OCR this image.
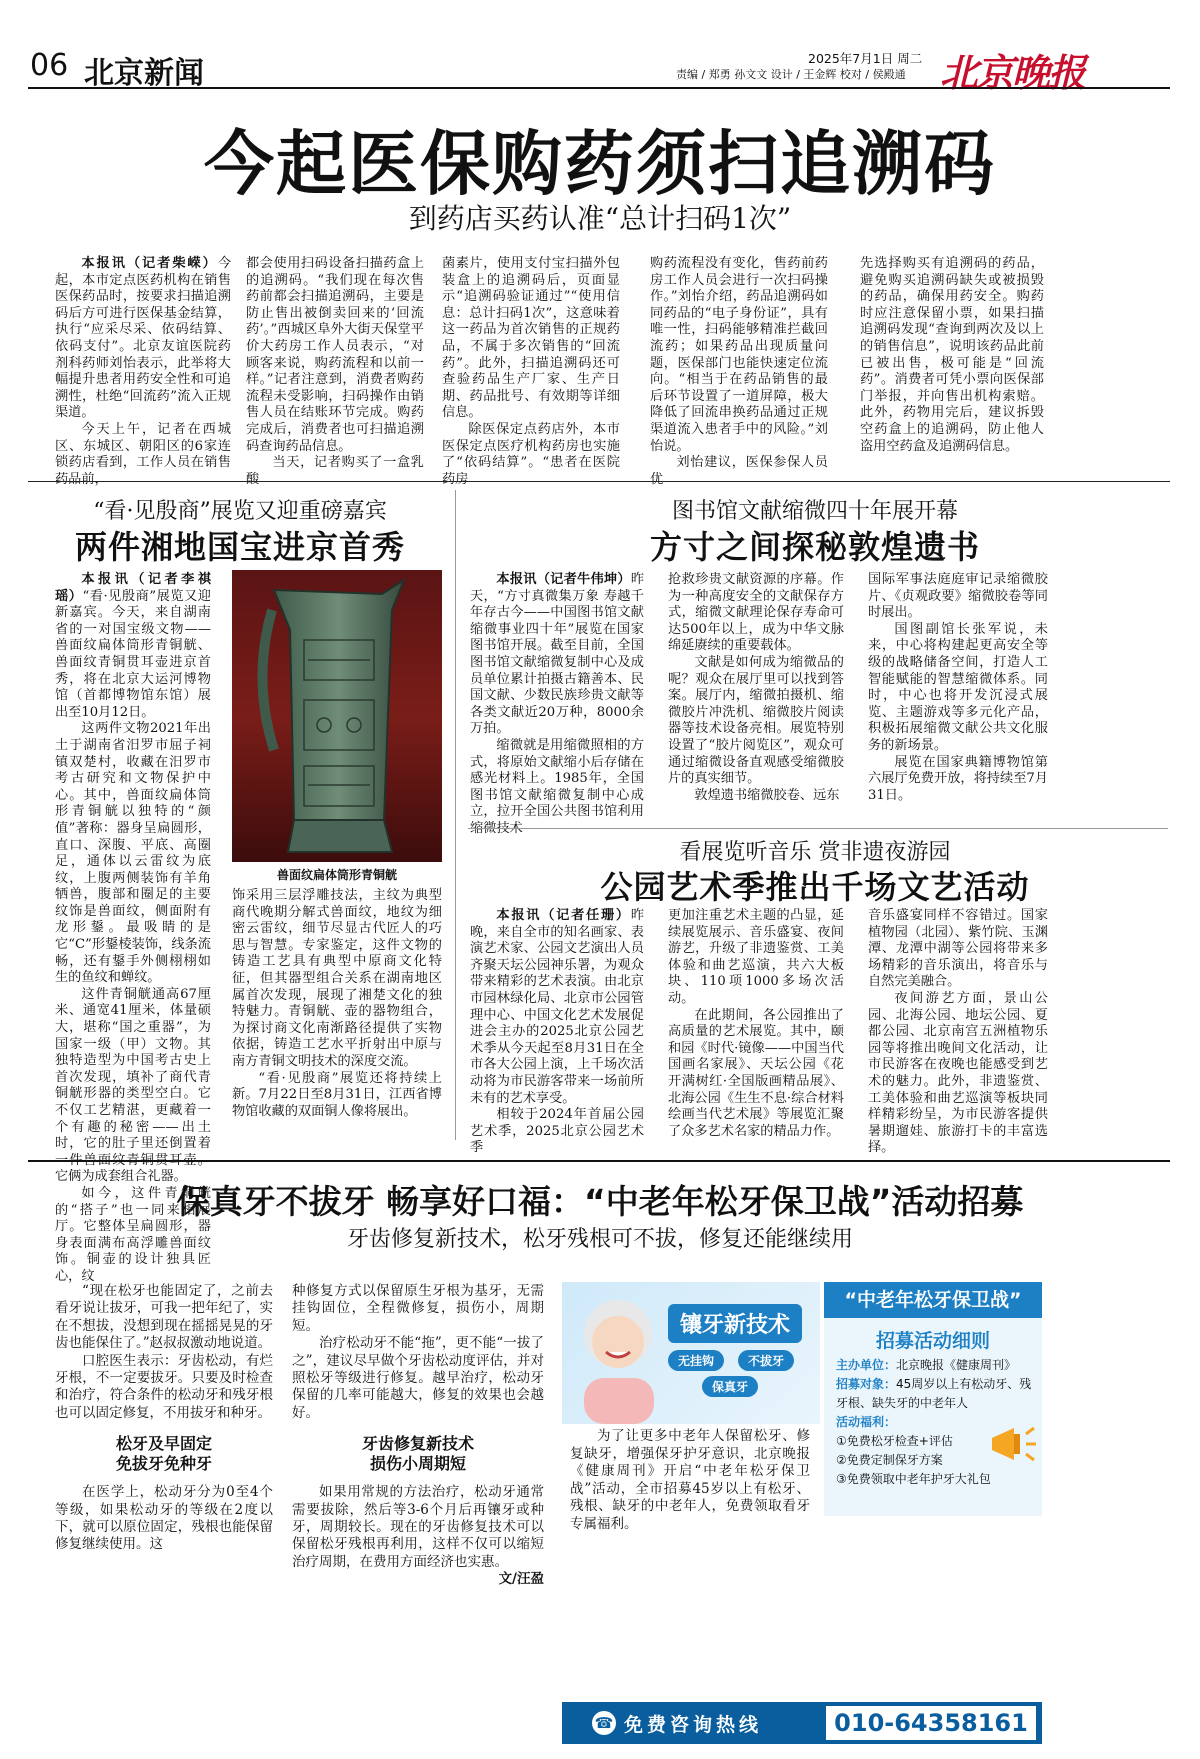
06 北京新闻	2025年7月1日 周二
责编 / 郑勇 孙文文 设计 / 王金辉 校对 / 侯殿通 北京晚报
今起医保购药须扫追溯码
到药店买药认准“总计扫码1次”

本报讯（记者柴嵘）今起，本市定点医药机构在销售医保药品时，按要求扫描追溯码后方可进行医保基金结算，执行“应采尽采、依码结算、依码支付”。北京友谊医院药剂科药师刘怡表示，此举将大幅提升患者用药安全性和可追溯性，杜绝“回流药”流入正规渠道。

今天上午，记者在西城区、东城区、朝阳区的6家连锁药店看到，工作人员在销售药品前，

都会使用扫码设备扫描药盒上的追溯码。“我们现在每次售药前都会扫描追溯码，主要是防止售出被倒卖回来的‘回流药’。”西城区阜外大街天保堂平价大药房工作人员表示，“对顾客来说，购药流程和以前一样。”记者注意到，消费者购药流程未受影响，扫码操作由销售人员在结账环节完成。购药完成后，消费者也可扫描追溯码查询药品信息。

当天，记者购买了一盒乳酸

菌素片，使用支付宝扫描外包装盒上的追溯码后，页面显示“追溯码验证通过”“使用信息：总计扫码1次”，这意味着这一药品为首次销售的正规药品，不属于多次销售的“回流药”。此外，扫描追溯码还可查验药品生产厂家、生产日期、药品批号、有效期等详细信息。

除医保定点药店外，本市医保定点医疗机构药房也实施了“依码结算”。“患者在医院药房

购药流程没有变化，售药前药房工作人员会进行一次扫码操作。”刘怡介绍，药品追溯码如同药品的“电子身份证”，具有唯一性，扫码能够精准拦截回流药；如果药品出现质量问题，医保部门也能快速定位流向。“相当于在药品销售的最后环节设置了一道屏障，极大降低了回流串换药品通过正规渠道流入患者手中的风险。”刘怡说。

刘怡建议，医保参保人员优

先选择购买有追溯码的药品，避免购买追溯码缺失或被损毁的药品，确保用药安全。购药时应注意保留小票，如果扫描追溯码发现“查询到两次及以上的销售信息”，说明该药品此前已被出售，极可能是“回流药”。消费者可凭小票向医保部门举报，并向售出机构索赔。此外，药物用完后，建议拆毁空药盒上的追溯码，防止他人盗用空药盒及追溯码信息。

“看·见殷商”展览又迎重磅嘉宾
两件湘地国宝进京首秀

本报讯（记者李祺瑶）“看·见殷商”展览又迎新嘉宾。今天，来自湖南省的一对国宝级文物——兽面纹扁体筒形青铜觥、兽面纹青铜贯耳壶进京首秀，将在北京大运河博物馆（首都博物馆东馆）展出至10月12日。

这两件文物2021年出土于湖南省汨罗市屈子祠镇双楚村，收藏在汨罗市考古研究和文物保护中心。其中，兽面纹扁体筒形青铜觥以独特的“颜值”著称：器身呈扁圆形，直口、深腹、平底、高圈足，通体以云雷纹为底纹，上腹两侧装饰有羊角牺兽，腹部和圈足的主要纹饰是兽面纹，侧面附有龙形鋬。最吸睛的是它“C”形鋬棱装饰，线条流畅，还有鋬手外侧栩栩如生的鱼纹和蝉纹。

这件青铜觥通高67厘米、通宽41厘米，体量硕大，堪称“国之重器”，为国家一级（甲）文物。其独特造型为中国考古史上首次发现，填补了商代青铜觥形器的类型空白。它不仅工艺精湛，更藏着一个有趣的秘密——出土时，它的肚子里还倒置着一件兽面纹青铜贯耳壶。它俩为成套组合礼器。

如今，这件青铜觥的“搭子”也一同来相展厅。它整体呈扁圆形，器身表面满布高浮雕兽面纹饰。铜壶的设计独具匠心，纹

兽面纹扁体筒形青铜觥

饰采用三层浮雕技法，主纹为典型商代晚期分解式兽面纹，地纹为细密云雷纹，细节尽显古代匠人的巧思与智慧。专家鉴定，这件文物的铸造工艺具有典型中原商文化特征，但其器型组合关系在湖南地区属首次发现，展现了湘楚文化的独特魅力。青铜觥、壶的器物组合，为探讨商文化南渐路径提供了实物依据，铸造工艺水平折射出中原与南方青铜文明技术的深度交流。

“看·见殷商”展览还将持续上新。7月22日至8月31日，江西省博物馆收藏的双面铜人像将展出。

图书馆文献缩微四十年展开幕
方寸之间探秘敦煌遗书

本报讯（记者牛伟坤）昨天，“方寸真微集万象 寿越千年存古今——中国图书馆文献缩微事业四十年”展览在国家图书馆开展。截至目前，全国图书馆文献缩微复制中心及成员单位累计拍摄古籍善本、民国文献、少数民族珍贵文献等各类文献近20万种，8000余万拍。

缩微就是用缩微照相的方式，将原始文献缩小后存储在感光材料上。1985年，全国图书馆文献缩微复制中心成立，拉开全国公共图书馆利用缩微技术

抢救珍贵文献资源的序幕。作为一种高度安全的文献保存方式，缩微文献理论保存寿命可达500年以上，成为中华文脉绵延赓续的重要载体。

文献是如何成为缩微品的呢？观众在展厅里可以找到答案。展厅内，缩微拍摄机、缩微胶片冲洗机、缩微胶片阅读器等技术设备亮相。展览特别设置了“胶片阅览区”，观众可通过缩微设备直观感受缩微胶片的真实细节。

敦煌遗书缩微胶卷、远东

国际军事法庭庭审记录缩微胶片、《贞观政要》缩微胶卷等同时展出。

国图副馆长张军说，未来，中心将构建起更高安全等级的战略储备空间，打造人工智能赋能的智慧缩微体系。同时，中心也将开发沉浸式展览、主题游戏等多元化产品，积极拓展缩微文献公共文化服务的新场景。

展览在国家典籍博物馆第六展厅免费开放，将持续至7月31日。

看展览听音乐 赏非遗夜游园
公园艺术季推出千场文艺活动

本报讯（记者任珊）昨晚，来自全市的知名画家、表演艺术家、公园文艺演出人员齐聚天坛公园神乐署，为观众带来精彩的艺术表演。由北京市园林绿化局、北京市公园管理中心、中国文化艺术发展促进会主办的2025北京公园艺术季从今天起至8月31日在全市各大公园上演，上千场次活动将为市民游客带来一场前所未有的艺术享受。

相较于2024年首届公园艺术季，2025北京公园艺术季

更加注重艺术主题的凸显，延续展览展示、音乐盛宴、夜间游艺，升级了非遗鉴赏、工美体验和曲艺巡演，共六大板块、110项1000多场次活动。

在此期间，各公园推出了高质量的艺术展览。其中，颐和园《时代·镜像——中国当代国画名家展》、天坛公园《花开满树红·全国版画精品展》、北海公园《生生不息·综合材料绘画当代艺术展》等展览汇聚了众多艺术名家的精品力作。

音乐盛宴同样不容错过。国家植物园（北园）、紫竹院、玉渊潭、龙潭中湖等公园将带来多场精彩的音乐演出，将音乐与自然完美融合。

夜间游艺方面，景山公园、北海公园、地坛公园、夏都公园、北京南宫五洲植物乐园等将推出晚间文化活动，让市民游客在夜晚也能感受到艺术的魅力。此外，非遗鉴赏、工美体验和曲艺巡演等板块同样精彩纷呈，为市民游客提供暑期遛娃、旅游打卡的丰富选择。

保真牙不拔牙 畅享好口福：“中老年松牙保卫战”活动招募
牙齿修复新技术，松牙残根可不拔，修复还能继续用

“现在松牙也能固定了，之前去看牙说让拔牙，可我一把年纪了，实在不想拔，没想到现在摇摇晃晃的牙齿也能保住了。”赵叔叔激动地说道。

口腔医生表示：牙齿松动，有烂牙根，不一定要拔牙。只要及时检查和治疗，符合条件的松动牙和残牙根也可以固定修复，不用拔牙和种牙。

松牙及早固定
免拔牙免种牙

在医学上，松动牙分为0至4个等级，如果松动牙的等级在2度以下，就可以原位固定，残根也能保留修复继续使用。这

种修复方式以保留原生牙根为基牙，无需挂钩固位，全程微修复，损伤小，周期短。

治疗松动牙不能“拖”，更不能“一拔了之”，建议尽早做个牙齿松动度评估，并对照松牙等级进行修复。越早治疗，松动牙保留的几率可能越大，修复的效果也会越好。

牙齿修复新技术
损伤小周期短

如果用常规的方法治疗，松动牙通常需要拔除，然后等3-6个月后再镶牙或种牙，周期较长。现在的牙齿修复技术可以保留松牙残根再利用，这样不仅可以缩短治疗周期，在费用方面经济也实惠。

文/汪盈
镶牙新技术
无挂钩	不拔牙
保真牙
为了让更多中老年人保留松牙、修复缺牙，增强保牙护牙意识，北京晚报《健康周刊》开启“中老年松牙保卫战”活动，全市招募45岁以上有松牙、残根、缺牙的中老年人，免费领取看牙专属福利。
“中老年松牙保卫战”
招募活动细则
主办单位：北京晚报《健康周刊》
招募对象：45周岁以上有松动牙、残牙根、缺失牙的中老年人
活动福利：
①免费松牙检查+评估
②免费定制保牙方案
③免费领取中老年护牙大礼包
☎ 免费咨询热线	010-64358161
